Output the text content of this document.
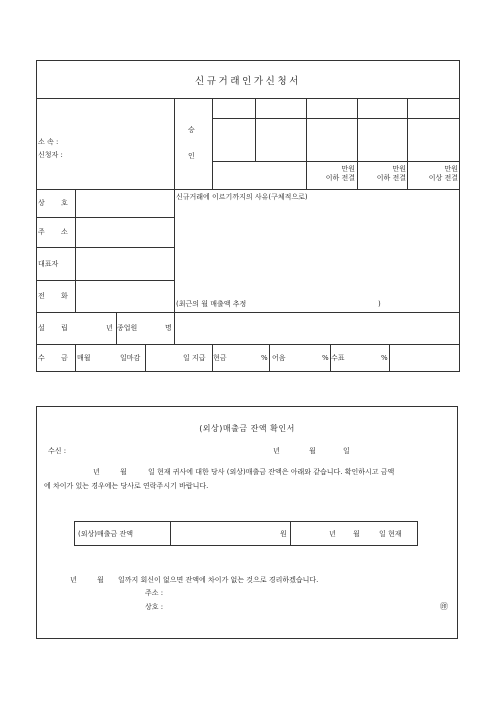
신규거래인가신청서
소 속 :
신청자 :
승
인
만원
이하 전결
만원
이하 전결
만원
이상 전결
상 호
주 소
대표자
전 화
신규거래에 이르기까지의 사유(구체적으로)
(최근의 월 매출액 추정	)
설 립	년 종업원	명
수 금 매월	일마감	일 지급 현금	% 어음	% 수표	%
(외상)매출금 잔액 확인서
수신 :	년	월	일
년	월	일 현재 귀사에 대한 당사 (외상)매출금 잔액은 아래와 같습니다. 확인하시고 금액
에 차이가 있는 경우에는 당사로 연락주시기 바랍니다.
(외상)매출금 잔액	원	년 월	일 현재
년	월 일까지 회신이 없으면 잔액에 차이가 없는 것으로 경리하겠습니다.
주소 :
상호 :	㊞
